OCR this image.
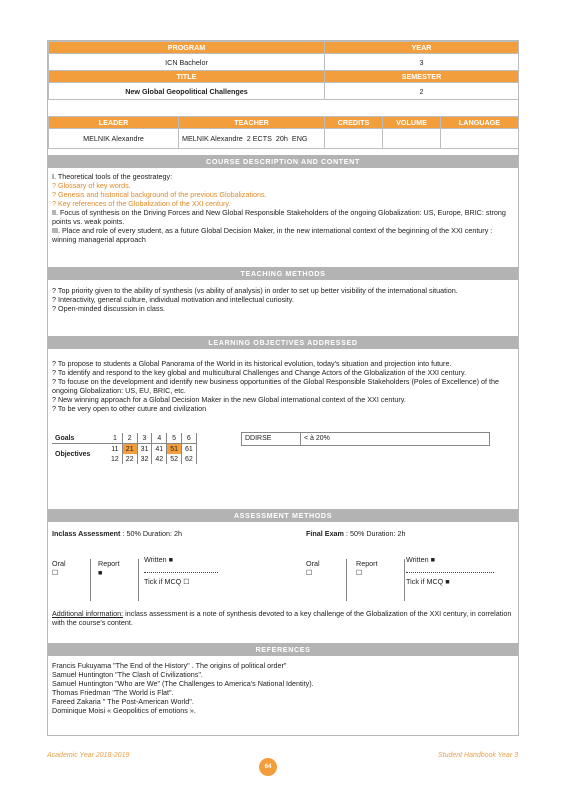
PROGRAM	YEAR
ICN Bachelor	3
TITLE	SEMESTER
New Global Geopolitical Challenges	2
LEADER	TEACHER	CREDITS	VOLUME	LANGUAGE
MELNIK Alexandre	MELNIK Alexandre 2 ECTS 20h ENG			
COURSE DESCRIPTION AND CONTENT

I. Theoretical tools of the geostrategy:

? Glossary of key words.

? Genesis and historical background of the previous Globalizations.

? Key references of the Globalization of the XXI century.

II. Focus of synthesis on the Driving Forces and New Global Responsible Stakeholders of the ongoing Globalization: US, Europe, BRIC: strong points vs. weak points.

III. Place and role of every student, as a future Global Decision Maker, in the new international context of the beginning of the XXI century : winning managerial approach

TEACHING METHODS

? Top priority given to the ability of synthesis (vs ability of analysis) in order to set up better visibility of the international situation.

? Interactivity, general culture, individual motivation and intellectual curiosity.

? Open-minded discussion in class.

LEARNING OBJECTIVES ADDRESSED

? To propose to students a Global Panorama of the World in its historical evolution, today's situation and projection into future.

? To identify and respond to the key global and multicultural Challenges and Change Actors of the Globalization of the XXI century.

? To focuse on the development and identify new business opportunities of the Global Responsible Stakeholders (Poles of Excellence) of the ongoing Globalization: US, EU, BRIC, etc.

? New winning approach for a Global Decision Maker in the new Global international context of the XXI century.

? To be very open to other cuture and civilization

Goals	1	2	3	4	5	6
Objectives	11	21	31	41	51	61
	12	22	32	42	52	62
DDIRSE	< à 20%
ASSESSMENT METHODS
Inclass Assessment : 50% Duration: 2h
Oral
☐
Report
■
Written ■
Tick if MCQ ☐
Final Exam : 50% Duration: 2h
Oral
☐
Report
☐
Written ■
Tick if MCQ ■
Additional information: inclass assessment is a note of synthesis devoted to a key challenge of the Globalization of the XXI century, in correlation with the course's content.
REFERENCES
Francis Fukuyama "The End of the History" . The origins of political order"
Samuel Huntington "The Clash of Civilizations".
Samuel Huntington "Who are We" (The Challenges to America's National Identity).
Thomas Friedman "The World is Flat".
Fareed Zakaria " The Post-American World".
Dominique Moisi « Geopolitics of emotions ».
Academic Year 2018-2019	Student Handbook Year 3
64
